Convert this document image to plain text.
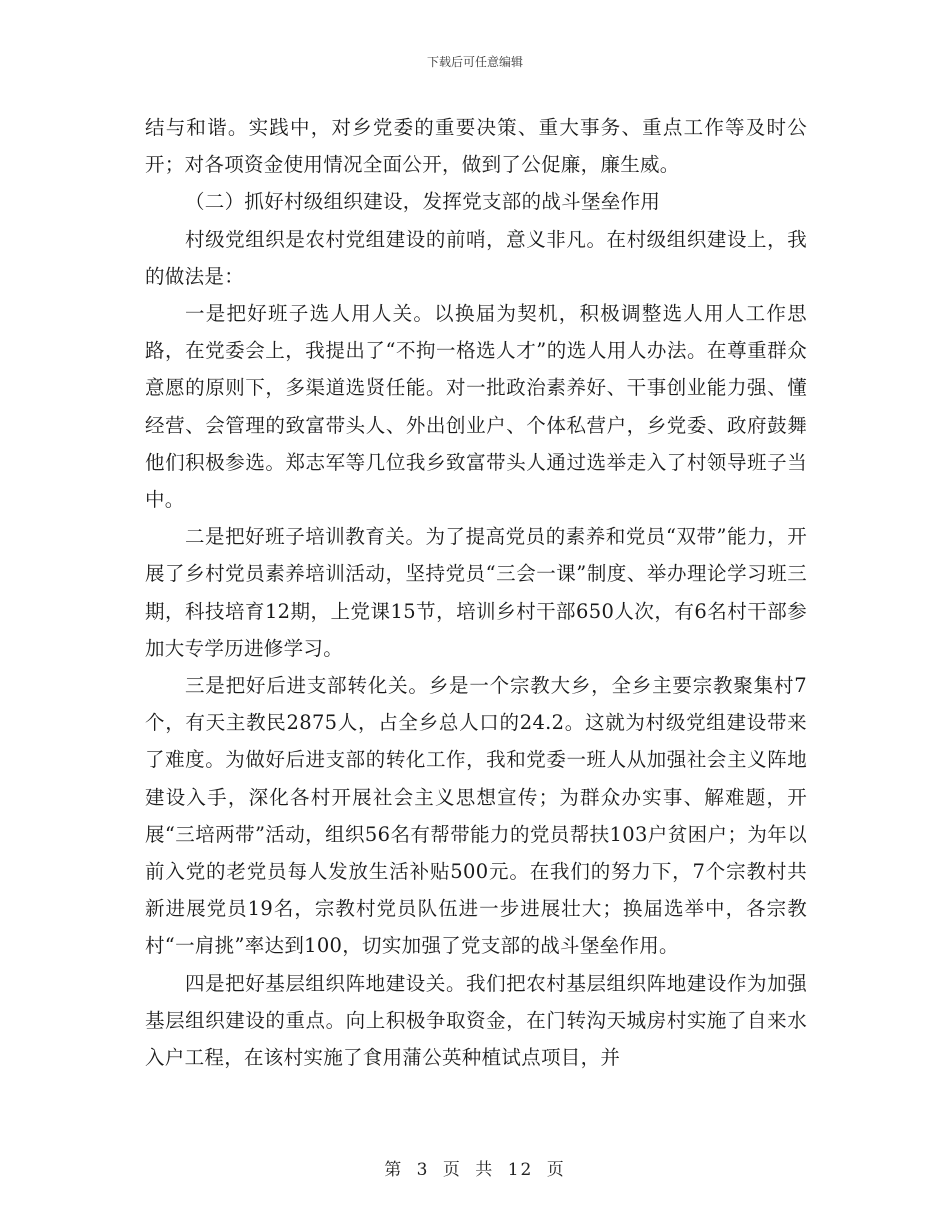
下载后可任意编辑

结与和谐。实践中，对乡党委的重要决策、重大事务、重点工作等及时公开；对各项资金使用情况全面公开，做到了公促廉，廉生威。

（二）抓好村级组织建设，发挥党支部的战斗堡垒作用

村级党组织是农村党组建设的前哨，意义非凡。在村级组织建设上，我的做法是：

一是把好班子选人用人关。以换届为契机，积极调整选人用人工作思路，在党委会上，我提出了“不拘一格选人才”的选人用人办法。在尊重群众意愿的原则下，多渠道选贤任能。对一批政治素养好、干事创业能力强、懂经营、会管理的致富带头人、外出创业户、个体私营户，乡党委、政府鼓舞他们积极参选。郑志军等几位我乡致富带头人通过选举走入了村领导班子当中。

二是把好班子培训教育关。为了提高党员的素养和党员“双带”能力，开展了乡村党员素养培训活动，坚持党员“三会一课”制度、举办理论学习班三期，科技培育12期，上党课15节，培训乡村干部650人次，有6名村干部参加大专学历进修学习。

三是把好后进支部转化关。乡是一个宗教大乡，全乡主要宗教聚集村7个，有天主教民2875人，占全乡总人口的24.2。这就为村级党组建设带来了难度。为做好后进支部的转化工作，我和党委一班人从加强社会主义阵地建设入手，深化各村开展社会主义思想宣传；为群众办实事、解难题，开展“三培两带”活动，组织56名有帮带能力的党员帮扶103户贫困户；为年以前入党的老党员每人发放生活补贴500元。在我们的努力下，7个宗教村共新进展党员19名，宗教村党员队伍进一步进展壮大；换届选举中，各宗教村“一肩挑”率达到100，切实加强了党支部的战斗堡垒作用。

四是把好基层组织阵地建设关。我们把农村基层组织阵地建设作为加强基层组织建设的重点。向上积极争取资金，在门转沟天城房村实施了自来水入户工程，在该村实施了食用蒲公英种植试点项目，并

第 3 页 共 12 页
